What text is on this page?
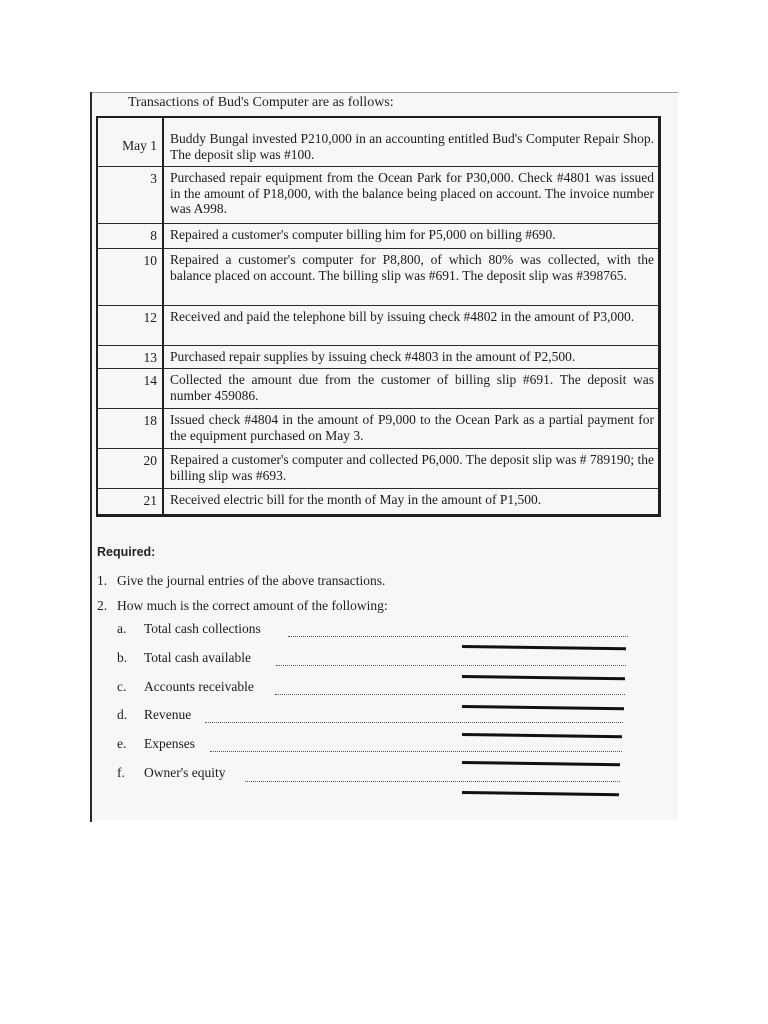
Transactions of Bud's Computer are as follows:
May 1 Buddy Bungal invested P210,000 in an accounting entitled Bud's Computer Repair Shop. The deposit slip was #100.
3 Purchased repair equipment from the Ocean Park for P30,000. Check #4801 was issued in the amount of P18,000, with the balance being placed on account. The invoice number was A998.
8 Repaired a customer's computer billing him for P5,000 on billing #690.
10 Repaired a customer's computer for P8,800, of which 80% was collected, with the balance placed on account. The billing slip was #691. The deposit slip was #398765.
12 Received and paid the telephone bill by issuing check #4802 in the amount of P3,000.
13 Purchased repair supplies by issuing check #4803 in the amount of P2,500.
14 Collected the amount due from the customer of billing slip #691. The deposit was number 459086.
18 Issued check #4804 in the amount of P9,000 to the Ocean Park as a partial payment for the equipment purchased on May 3.
20 Repaired a customer's computer and collected P6,000. The deposit slip was # 789190; the billing slip was #693.
21 Received electric bill for the month of May in the amount of P1,500.
Required:
1. Give the journal entries of the above transactions.
2. How much is the correct amount of the following:
a. Total cash collections
b. Total cash available
c. Accounts receivable
d. Revenue
e. Expenses
f. Owner's equity
